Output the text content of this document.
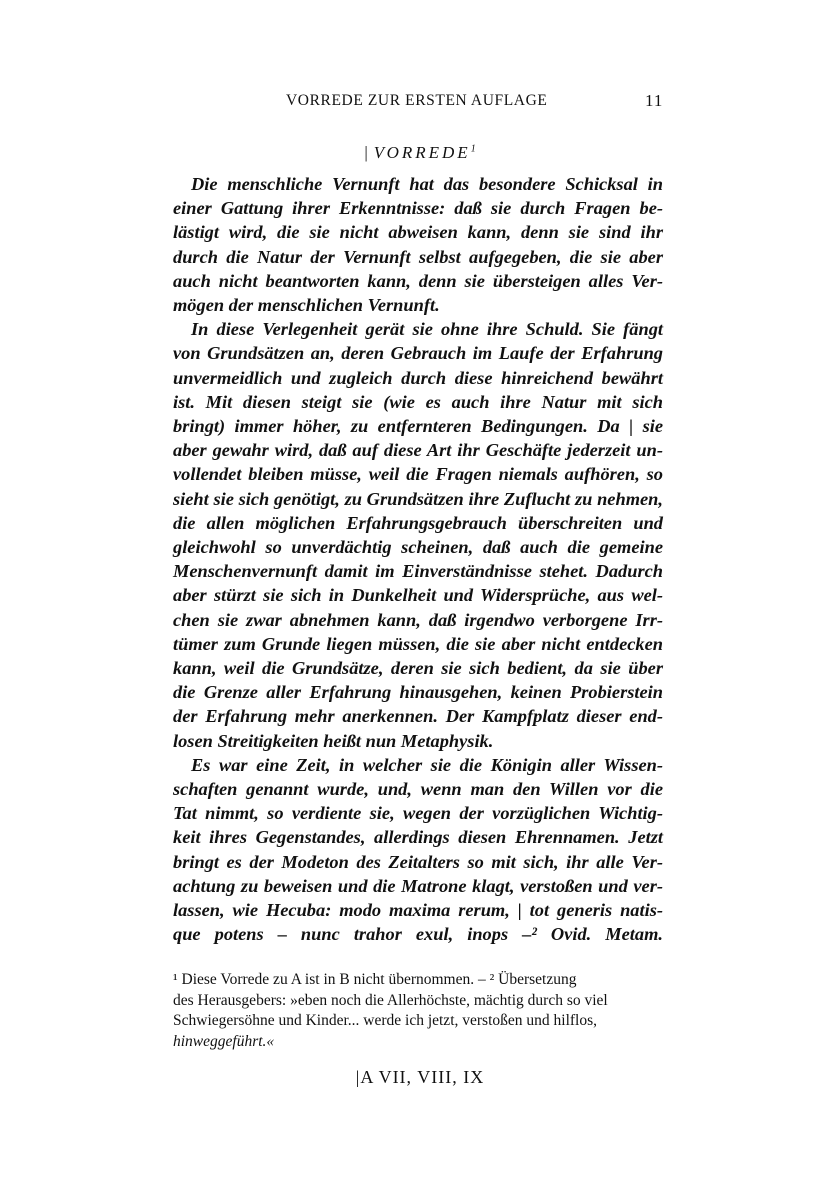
VORREDE ZUR ERSTEN AUFLAGE	11
| VORREDE$^1$
Die menschliche Vernunft hat das besondere Schicksal in
einer Gattung ihrer Erkenntnisse: daß sie durch Fragen be-
lästigt wird, die sie nicht abweisen kann, denn sie sind ihr
durch die Natur der Vernunft selbst aufgegeben, die sie aber
auch nicht beantworten kann, denn sie übersteigen alles Ver-
mögen der menschlichen Vernunft.
In diese Verlegenheit gerät sie ohne ihre Schuld. Sie fängt
von Grundsätzen an, deren Gebrauch im Laufe der Erfahrung
unvermeidlich und zugleich durch diese hinreichend bewährt
ist. Mit diesen steigt sie (wie es auch ihre Natur mit sich
bringt) immer höher, zu entfernteren Bedingungen. Da | sie
aber gewahr wird, daß auf diese Art ihr Geschäfte jederzeit un-
vollendet bleiben müsse, weil die Fragen niemals aufhören, so
sieht sie sich genötigt, zu Grundsätzen ihre Zuflucht zu nehmen,
die allen möglichen Erfahrungsgebrauch überschreiten und
gleichwohl so unverdächtig scheinen, daß auch die gemeine
Menschenvernunft damit im Einverständnisse stehet. Dadurch
aber stürzt sie sich in Dunkelheit und Widersprüche, aus wel-
chen sie zwar abnehmen kann, daß irgendwo verborgene Irr-
tümer zum Grunde liegen müssen, die sie aber nicht entdecken
kann, weil die Grundsätze, deren sie sich bedient, da sie über
die Grenze aller Erfahrung hinausgehen, keinen Probierstein
der Erfahrung mehr anerkennen. Der Kampfplatz dieser end-
losen Streitigkeiten heißt nun Metaphysik.
Es war eine Zeit, in welcher sie die Königin aller Wissen-
schaften genannt wurde, und, wenn man den Willen vor die
Tat nimmt, so verdiente sie, wegen der vorzüglichen Wichtig-
keit ihres Gegenstandes, allerdings diesen Ehrennamen. Jetzt
bringt es der Modeton des Zeitalters so mit sich, ihr alle Ver-
achtung zu beweisen und die Matrone klagt, verstoßen und ver-
lassen, wie Hecuba: modo maxima rerum, | tot generis natis-
que potens – nunc trahor exul, inops –² Ovid. Metam.
¹ Diese Vorrede zu A ist in B nicht übernommen. – ² Übersetzung
des Herausgebers: »eben noch die Allerhöchste, mächtig durch so viel
Schwiegersöhne und Kinder... werde ich jetzt, verstoßen und hilflos,
hinweggeführt.«
|A VII, VIII, IX
